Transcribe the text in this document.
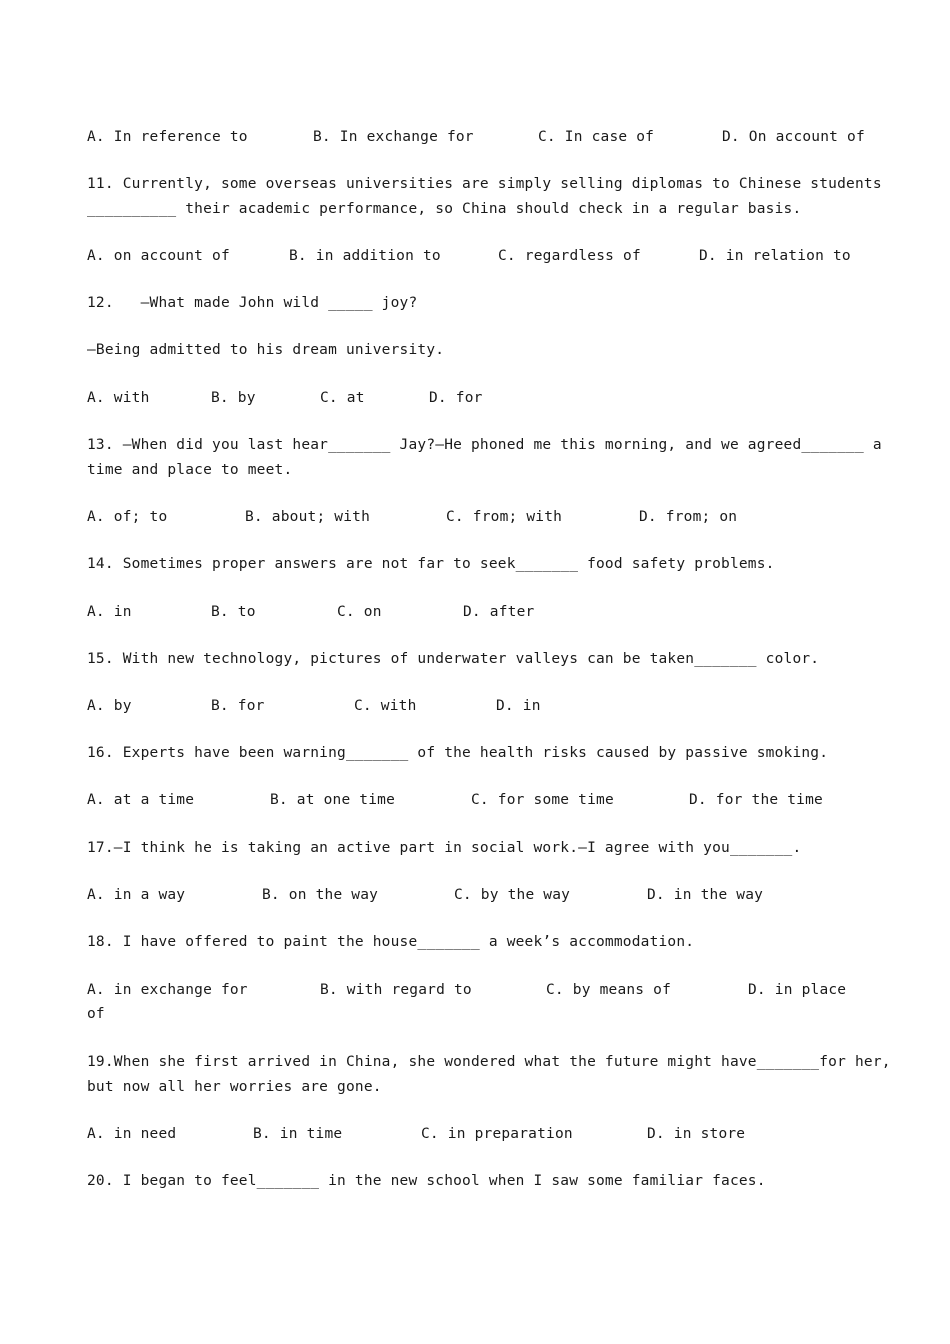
A. In reference to	B. In exchange for	C. In case of	D. On account of
11. Currently, some overseas universities are simply selling diplomas to Chinese students
__________ their academic performance, so China should check in a regular basis.
A. on account of	B. in addition to	C. regardless of	D. in relation to
12.   —What made John wild _____ joy?
—Being admitted to his dream university.
A. with	B. by	C. at	D. for
13. —When did you last hear_______ Jay?—He phoned me this morning, and we agreed_______ a
time and place to meet.
A. of; to	B. about; with	C. from; with	D. from; on
14. Sometimes proper answers are not far to seek_______ food safety problems.
A. in	B. to	C. on	D. after
15. With new technology, pictures of underwater valleys can be taken_______ color.
A. by	B. for	C. with	D. in
16. Experts have been warning_______ of the health risks caused by passive smoking.
A. at a time	B. at one time	C. for some time	D. for the time
17.—I think he is taking an active part in social work.—I agree with you_______.
A. in a way	B. on the way	C. by the way	D. in the way
18. I have offered to paint the house_______ a week’s accommodation.
A. in exchange for	B. with regard to	C. by means of	D. in place
of
19.When she first arrived in China, she wondered what the future might have_______for her,
but now all her worries are gone.
A. in need	B. in time	C. in preparation	D. in store
20. I began to feel_______ in the new school when I saw some familiar faces.
